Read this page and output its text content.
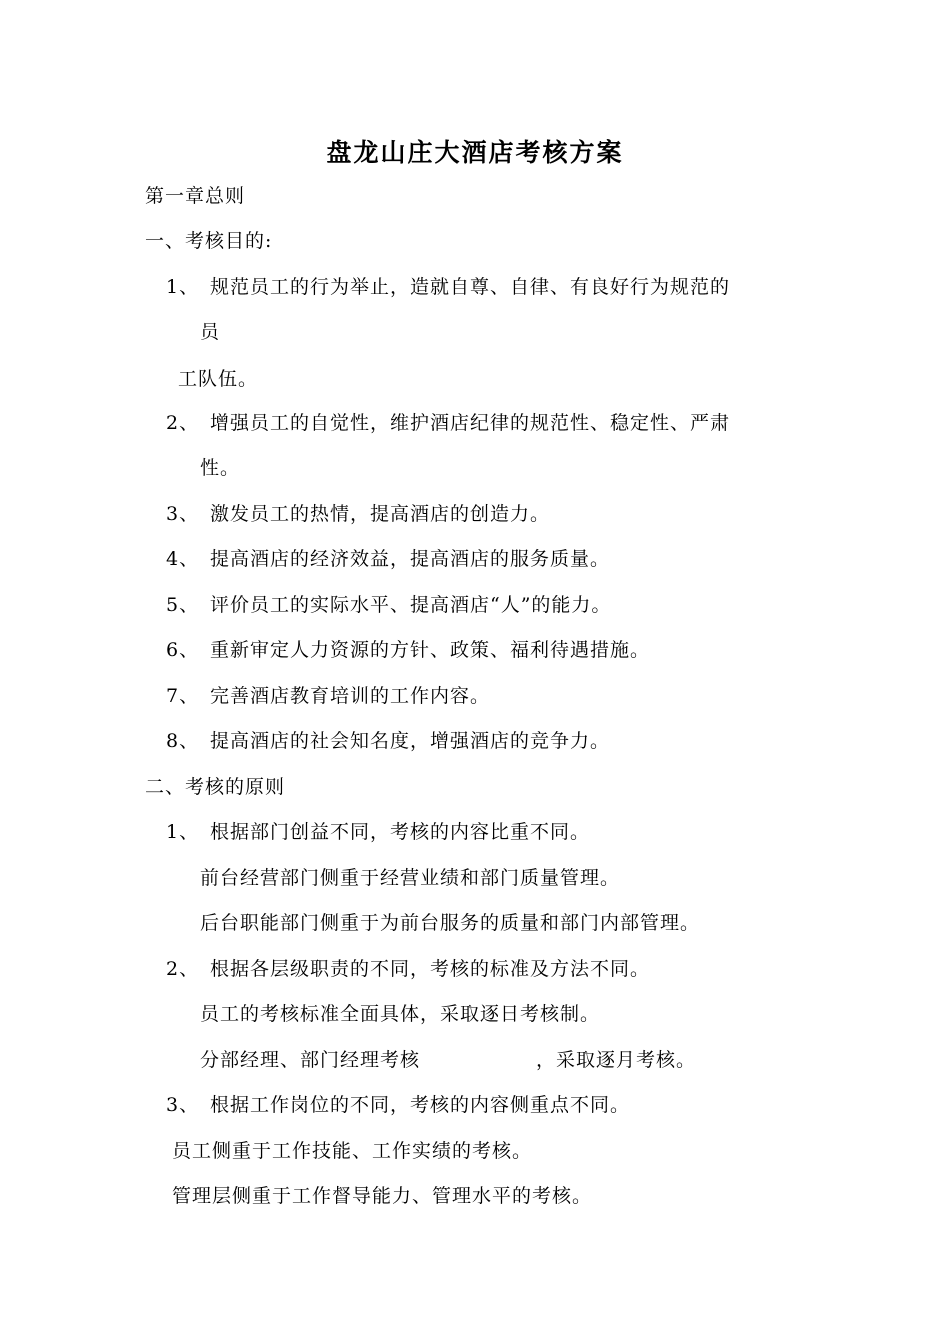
盘龙山庄大酒店考核方案
第一章总则
一、考核目的:
1、 规范员工的行为举止，造就自尊、自律、有良好行为规范的
员
工队伍。
2、 增强员工的自觉性，维护酒店纪律的规范性、稳定性、严肃
性。
3、 激发员工的热情，提高酒店的创造力。
4、 提高酒店的经济效益，提高酒店的服务质量。
5、 评价员工的实际水平、提高酒店“人”的能力。
6、 重新审定人力资源的方针、政策、福利待遇措施。
7、 完善酒店教育培训的工作内容。
8、 提高酒店的社会知名度，增强酒店的竞争力。
二、考核的原则
1、 根据部门创益不同，考核的内容比重不同。
前台经营部门侧重于经营业绩和部门质量管理。
后台职能部门侧重于为前台服务的质量和部门内部管理。
2、 根据各层级职责的不同，考核的标准及方法不同。
员工的考核标准全面具体，采取逐日考核制。
分部经理、部门经理考核	，采取逐月考核。
3、 根据工作岗位的不同，考核的内容侧重点不同。
员工侧重于工作技能、工作实绩的考核。
管理层侧重于工作督导能力、管理水平的考核。
